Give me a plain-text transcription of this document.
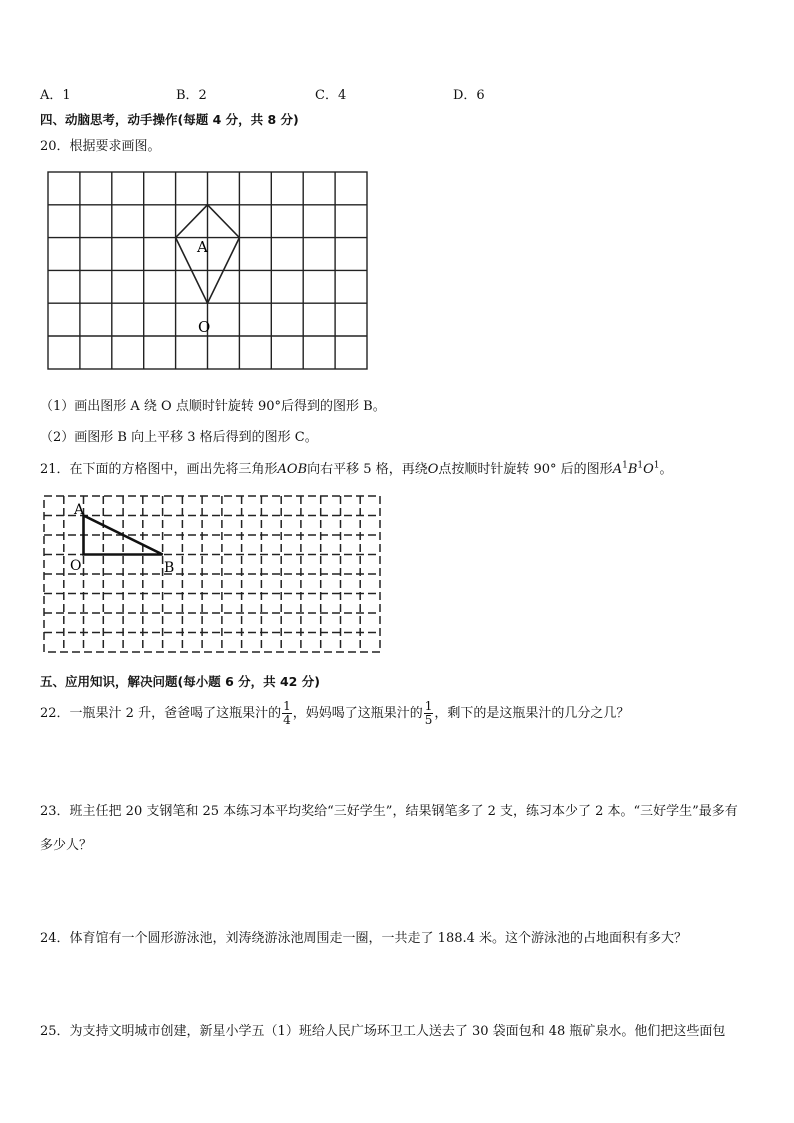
A．1	B．2	C．4	D．6
四、动脑思考，动手操作(每题 4 分，共 8 分)
20．根据要求画图。
A
O
（1）画出图形 A 绕 O 点顺时针旋转 90°后得到的图形 B。
（2）画图形 B 向上平移 3 格后得到的图形 C。
21．在下面的方格图中，画出先将三角形AOB向右平移 5 格，再绕O点按顺时针旋转 90° 后的图形$A^1B^1O^1$。
A
O	B
五、应用知识，解决问题(每小题 6 分，共 42 分)
22．一瓶果汁 2 升，爸爸喝了这瓶果汁的 $\frac{1}{4}$ ，妈妈喝了这瓶果汁的 $\frac{1}{5}$ ，剩下的是这瓶果汁的几分之几？
23．班主任把 20 支钢笔和 25 本练习本平均奖给“三好学生”，结果钢笔多了 2 支，练习本少了 2 本。“三好学生”最多有
多少人？
24．体育馆有一个圆形游泳池，刘涛绕游泳池周围走一圈，一共走了 188.4 米。这个游泳池的占地面积有多大？
25．为支持文明城市创建，新星小学五（1）班给人民广场环卫工人送去了 30 袋面包和 48 瓶矿泉水。他们把这些面包
